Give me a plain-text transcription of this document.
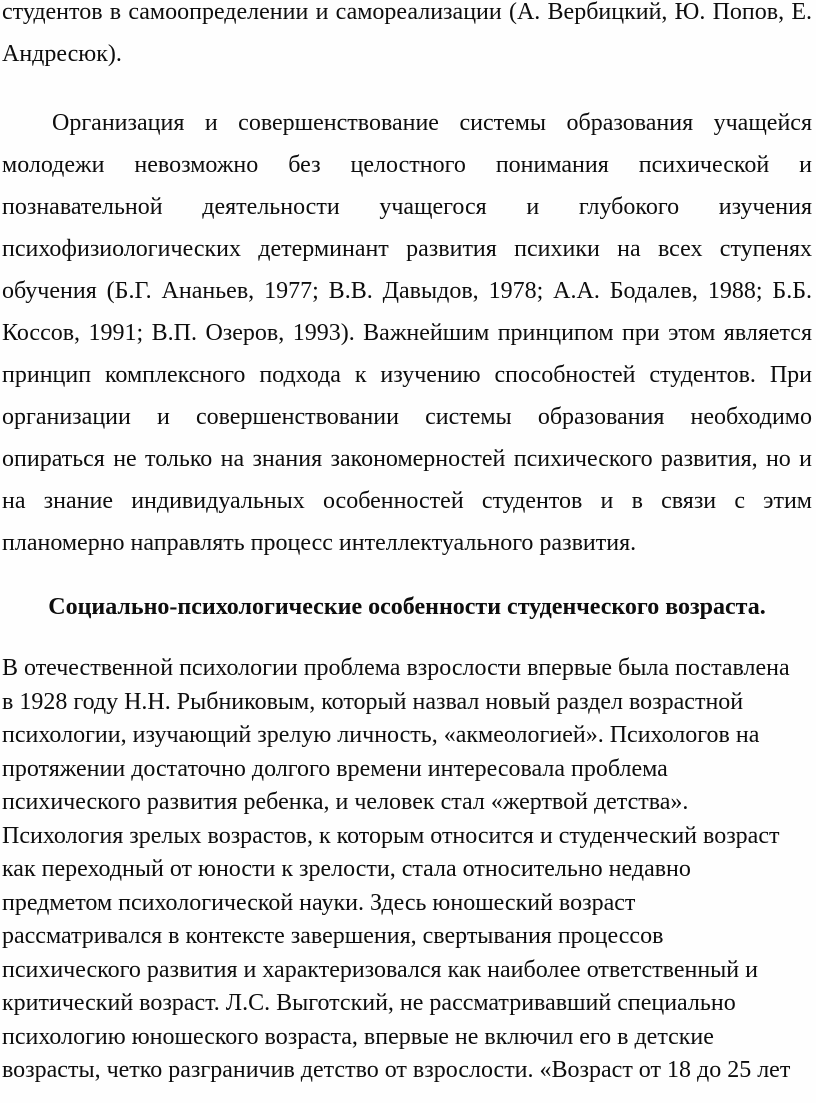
студентов в самоопределении и самореализации (А. Вербицкий, Ю. Попов, Е.
Андресюк).
Организация и совершенствование системы образования учащейся
молодежи невозможно без целостного понимания психической и
познавательной деятельности учащегося и глубокого изучения
психофизиологических детерминант развития психики на всех ступенях
обучения (Б.Г. Ананьев, 1977; В.В. Давыдов, 1978; А.А. Бодалев, 1988; Б.Б.
Коссов, 1991; В.П. Озеров, 1993). Важнейшим принципом при этом является
принцип комплексного подхода к изучению способностей студентов. При
организации и совершенствовании системы образования необходимо
опираться не только на знания закономерностей психического развития, но и
на знание индивидуальных особенностей студентов и в связи с этим
планомерно направлять процесс интеллектуального развития.
Социально-психологические особенности студенческого возраста.
В отечественной психологии проблема взрослости впервые была поставлена
в 1928 году Н.Н. Рыбниковым, который назвал новый раздел возрастной
психологии, изучающий зрелую личность, «акмеологией». Психологов на
протяжении достаточно долгого времени интересовала проблема
психического развития ребенка, и человек стал «жертвой детства».
Психология зрелых возрастов, к которым относится и студенческий возраст
как переходный от юности к зрелости, стала относительно недавно
предметом психологической науки. Здесь юношеский возраст
рассматривался в контексте завершения, свертывания процессов
психического развития и характеризовался как наиболее ответственный и
критический возраст. Л.С. Выготский, не рассматривавший специально
психологию юношеского возраста, впервые не включил его в детские
возрасты, четко разграничив детство от взрослости. «Возраст от 18 до 25 лет
